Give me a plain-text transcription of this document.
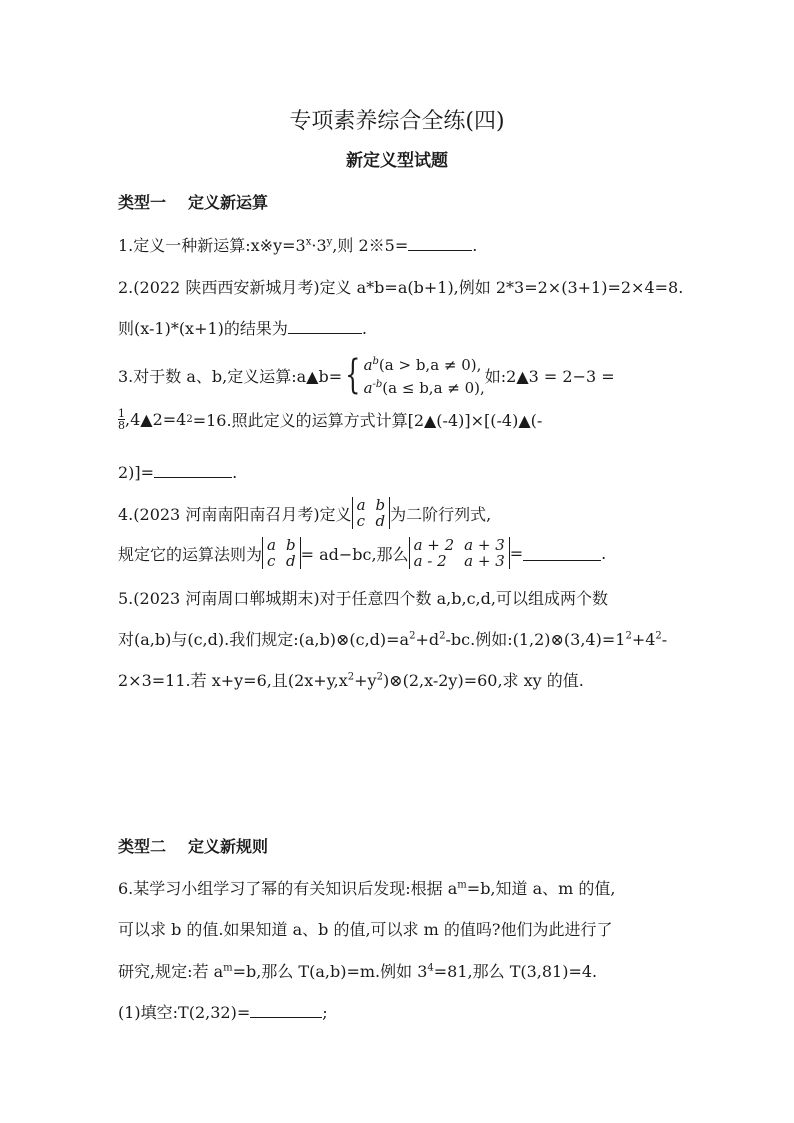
专项素养综合全练(四)
新定义型试题
类型一 定义新运算
1.定义一种新运算$:x※y=3^x\cdot 3^y$,则 2※5=	.
2.(2022 陕西西安新城月考)定义 a*b=a(b+1),例如 2*3=2×(3+1)=2×4=8.
则(x-1)*(x+1)的结果为	.
3.对于数 a、b,定义运算:a▲b= { $a^b(a > b,a \ne 0)$,
$a^{-b}(a \le b,a \ne 0)$,
如:2▲3 = 2−3 =
$\frac{1}{8}$ ,4▲2=4 2 =16.照此定义的运算方式计算[2▲(-4)]×[(-4)▲(-
2)]=	.
4.(2023 河南南阳南召月考)定义 a b
c d 为二阶行列式,
规定它的运算法则为 a b
c d = ad−bc,那么 a + 2 a + 3
a - 2 a + 3 =	.
5.(2023 河南周口郸城期末)对于任意四个数 a,b,c,d,可以组成两个数
对(a,b)与(c,d).我们规定$:(a,b)\otimes(c,d)=a^2+d^2-bc$.例如$:(1,2)\otimes(3,4)=1^2+4^2-$
2×3=11.若 x+y=6,且$(2x+y,x^2+y^2)\otimes(2,x-2y)=60$,求 xy 的值.
类型二 定义新规则
6.某学习小组学习了幂的有关知识后发现:根据 $a^m=b$,知道 a、m 的值,
可以求 b 的值.如果知道 a、b 的值,可以求 m 的值吗?他们为此进行了
研究,规定:若 $a^m=b$,那么 T(a,b)=m.例如 $3^4=81$,那么 T(3,81)=4.
(1)填空:T(2,32)=	;
